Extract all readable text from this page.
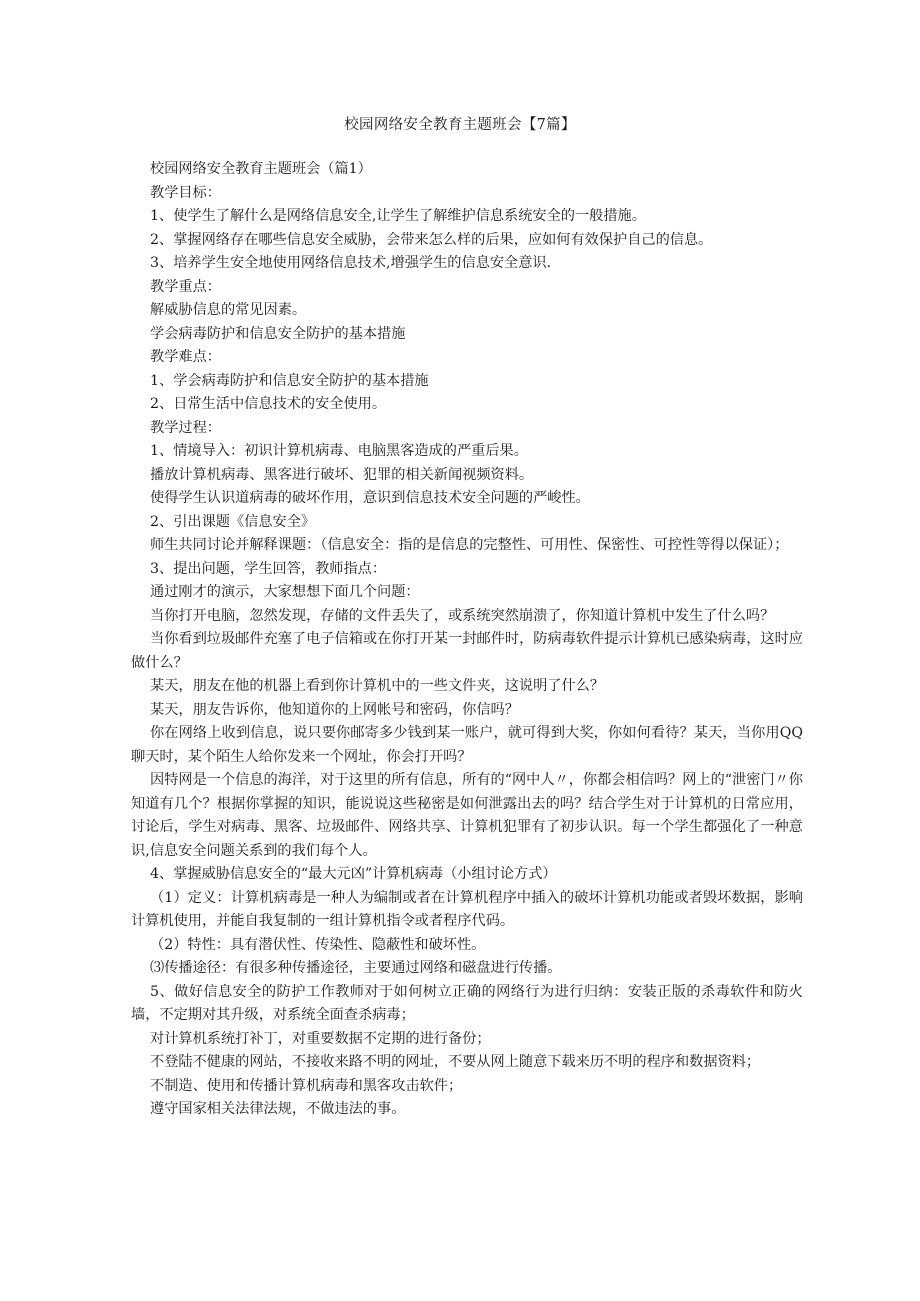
校园网络安全教育主题班会【7篇】

校园网络安全教育主题班会（篇1）

教学目标：

1、使学生了解什么是网络信息安全,让学生了解维护信息系统安全的一般措施。

2、掌握网络存在哪些信息安全威胁，会带来怎么样的后果，应如何有效保护自己的信息。

3、培养学生安全地使用网络信息技术,增强学生的信息安全意识.

教学重点：

解威胁信息的常见因素。

学会病毒防护和信息安全防护的基本措施

教学难点：

1、学会病毒防护和信息安全防护的基本措施

2、日常生活中信息技术的安全使用。

教学过程：

1、情境导入：初识计算机病毒、电脑黑客造成的严重后果。

播放计算机病毒、黑客进行破坏、犯罪的相关新闻视频资料。

使得学生认识道病毒的破坏作用，意识到信息技术安全问题的严峻性。

2、引出课题《信息安全》

师生共同讨论并解释课题：（信息安全：指的是信息的完整性、可用性、保密性、可控性等得以保证）；

3、提出问题，学生回答，教师指点：

通过刚才的演示，大家想想下面几个问题：

当你打开电脑，忽然发现，存储的文件丢失了，或系统突然崩溃了，你知道计算机中发生了什么吗？

当你看到垃圾邮件充塞了电子信箱或在你打开某一封邮件时，防病毒软件提示计算机已感染病毒，这时应做什么？

某天，朋友在他的机器上看到你计算机中的一些文件夹，这说明了什么？

某天，朋友告诉你，他知道你的上网帐号和密码，你信吗？

你在网络上收到信息，说只要你邮寄多少钱到某一账户，就可得到大奖，你如何看待？某天，当你用QQ聊天时，某个陌生人给你发来一个网址，你会打开吗？

因特网是一个信息的海洋，对于这里的所有信息，所有的“网中人〃，你都会相信吗？网上的“泄密门〃你知道有几个？根据你掌握的知识，能说说这些秘密是如何泄露出去的吗？结合学生对于计算机的日常应用，讨论后，学生对病毒、黑客、垃圾邮件、网络共享、计算机犯罪有了初步认识。每一个学生都强化了一种意识,信息安全问题关系到的我们每个人。

4、掌握威胁信息安全的“最大元凶”计算机病毒（小组讨论方式）

（1）定义：计算机病毒是一种人为编制或者在计算机程序中插入的破坏计算机功能或者毁坏数据，影响计算机使用，并能自我复制的一组计算机指令或者程序代码。

（2）特性：具有潜伏性、传染性、隐蔽性和破坏性。

⑶传播途径：有很多种传播途径，主要通过网络和磁盘进行传播。

5、做好信息安全的防护工作教师对于如何树立正确的网络行为进行归纳：安装正版的杀毒软件和防火墙，不定期对其升级，对系统全面查杀病毒；

对计算机系统打补丁，对重要数据不定期的进行备份；

不登陆不健康的网站，不接收来路不明的网址，不要从网上随意下载来历不明的程序和数据资料；

不制造、使用和传播计算机病毒和黑客攻击软件；

遵守国家相关法律法规，不做违法的事。
